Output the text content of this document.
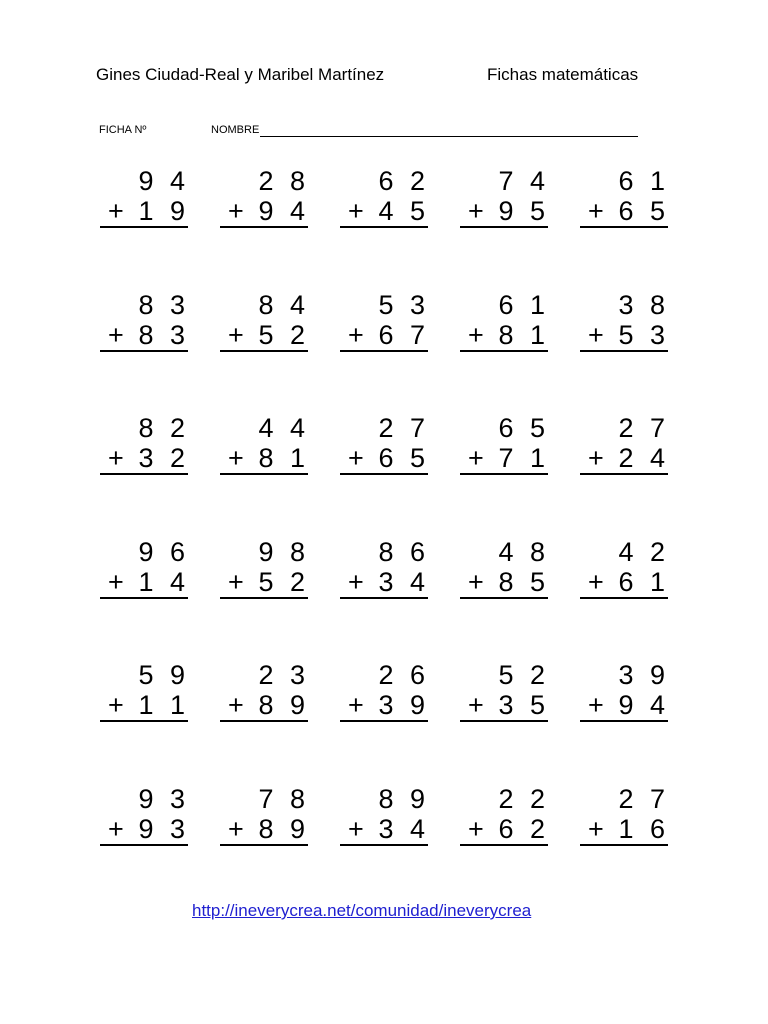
Gines Ciudad-Real y Maribel Martínez	Fichas matemáticas
FICHA Nº	NOMBRE
9 4
+ 1 9
2 8
+ 9 4
6 2
+ 4 5
7 4
+ 9 5
6 1
+ 6 5
8 3
+ 8 3
8 4
+ 5 2
5 3
+ 6 7
6 1
+ 8 1
3 8
+ 5 3
8 2
+ 3 2
4 4
+ 8 1
2 7
+ 6 5
6 5
+ 7 1
2 7
+ 2 4
9 6
+ 1 4
9 8
+ 5 2
8 6
+ 3 4
4 8
+ 8 5
4 2
+ 6 1
5 9
+ 1 1
2 3
+ 8 9
2 6
+ 3 9
5 2
+ 3 5
3 9
+ 9 4
9 3
+ 9 3
7 8
+ 8 9
8 9
+ 3 4
2 2
+ 6 2
2 7
+ 1 6
http://ineverycrea.net/comunidad/ineverycrea
